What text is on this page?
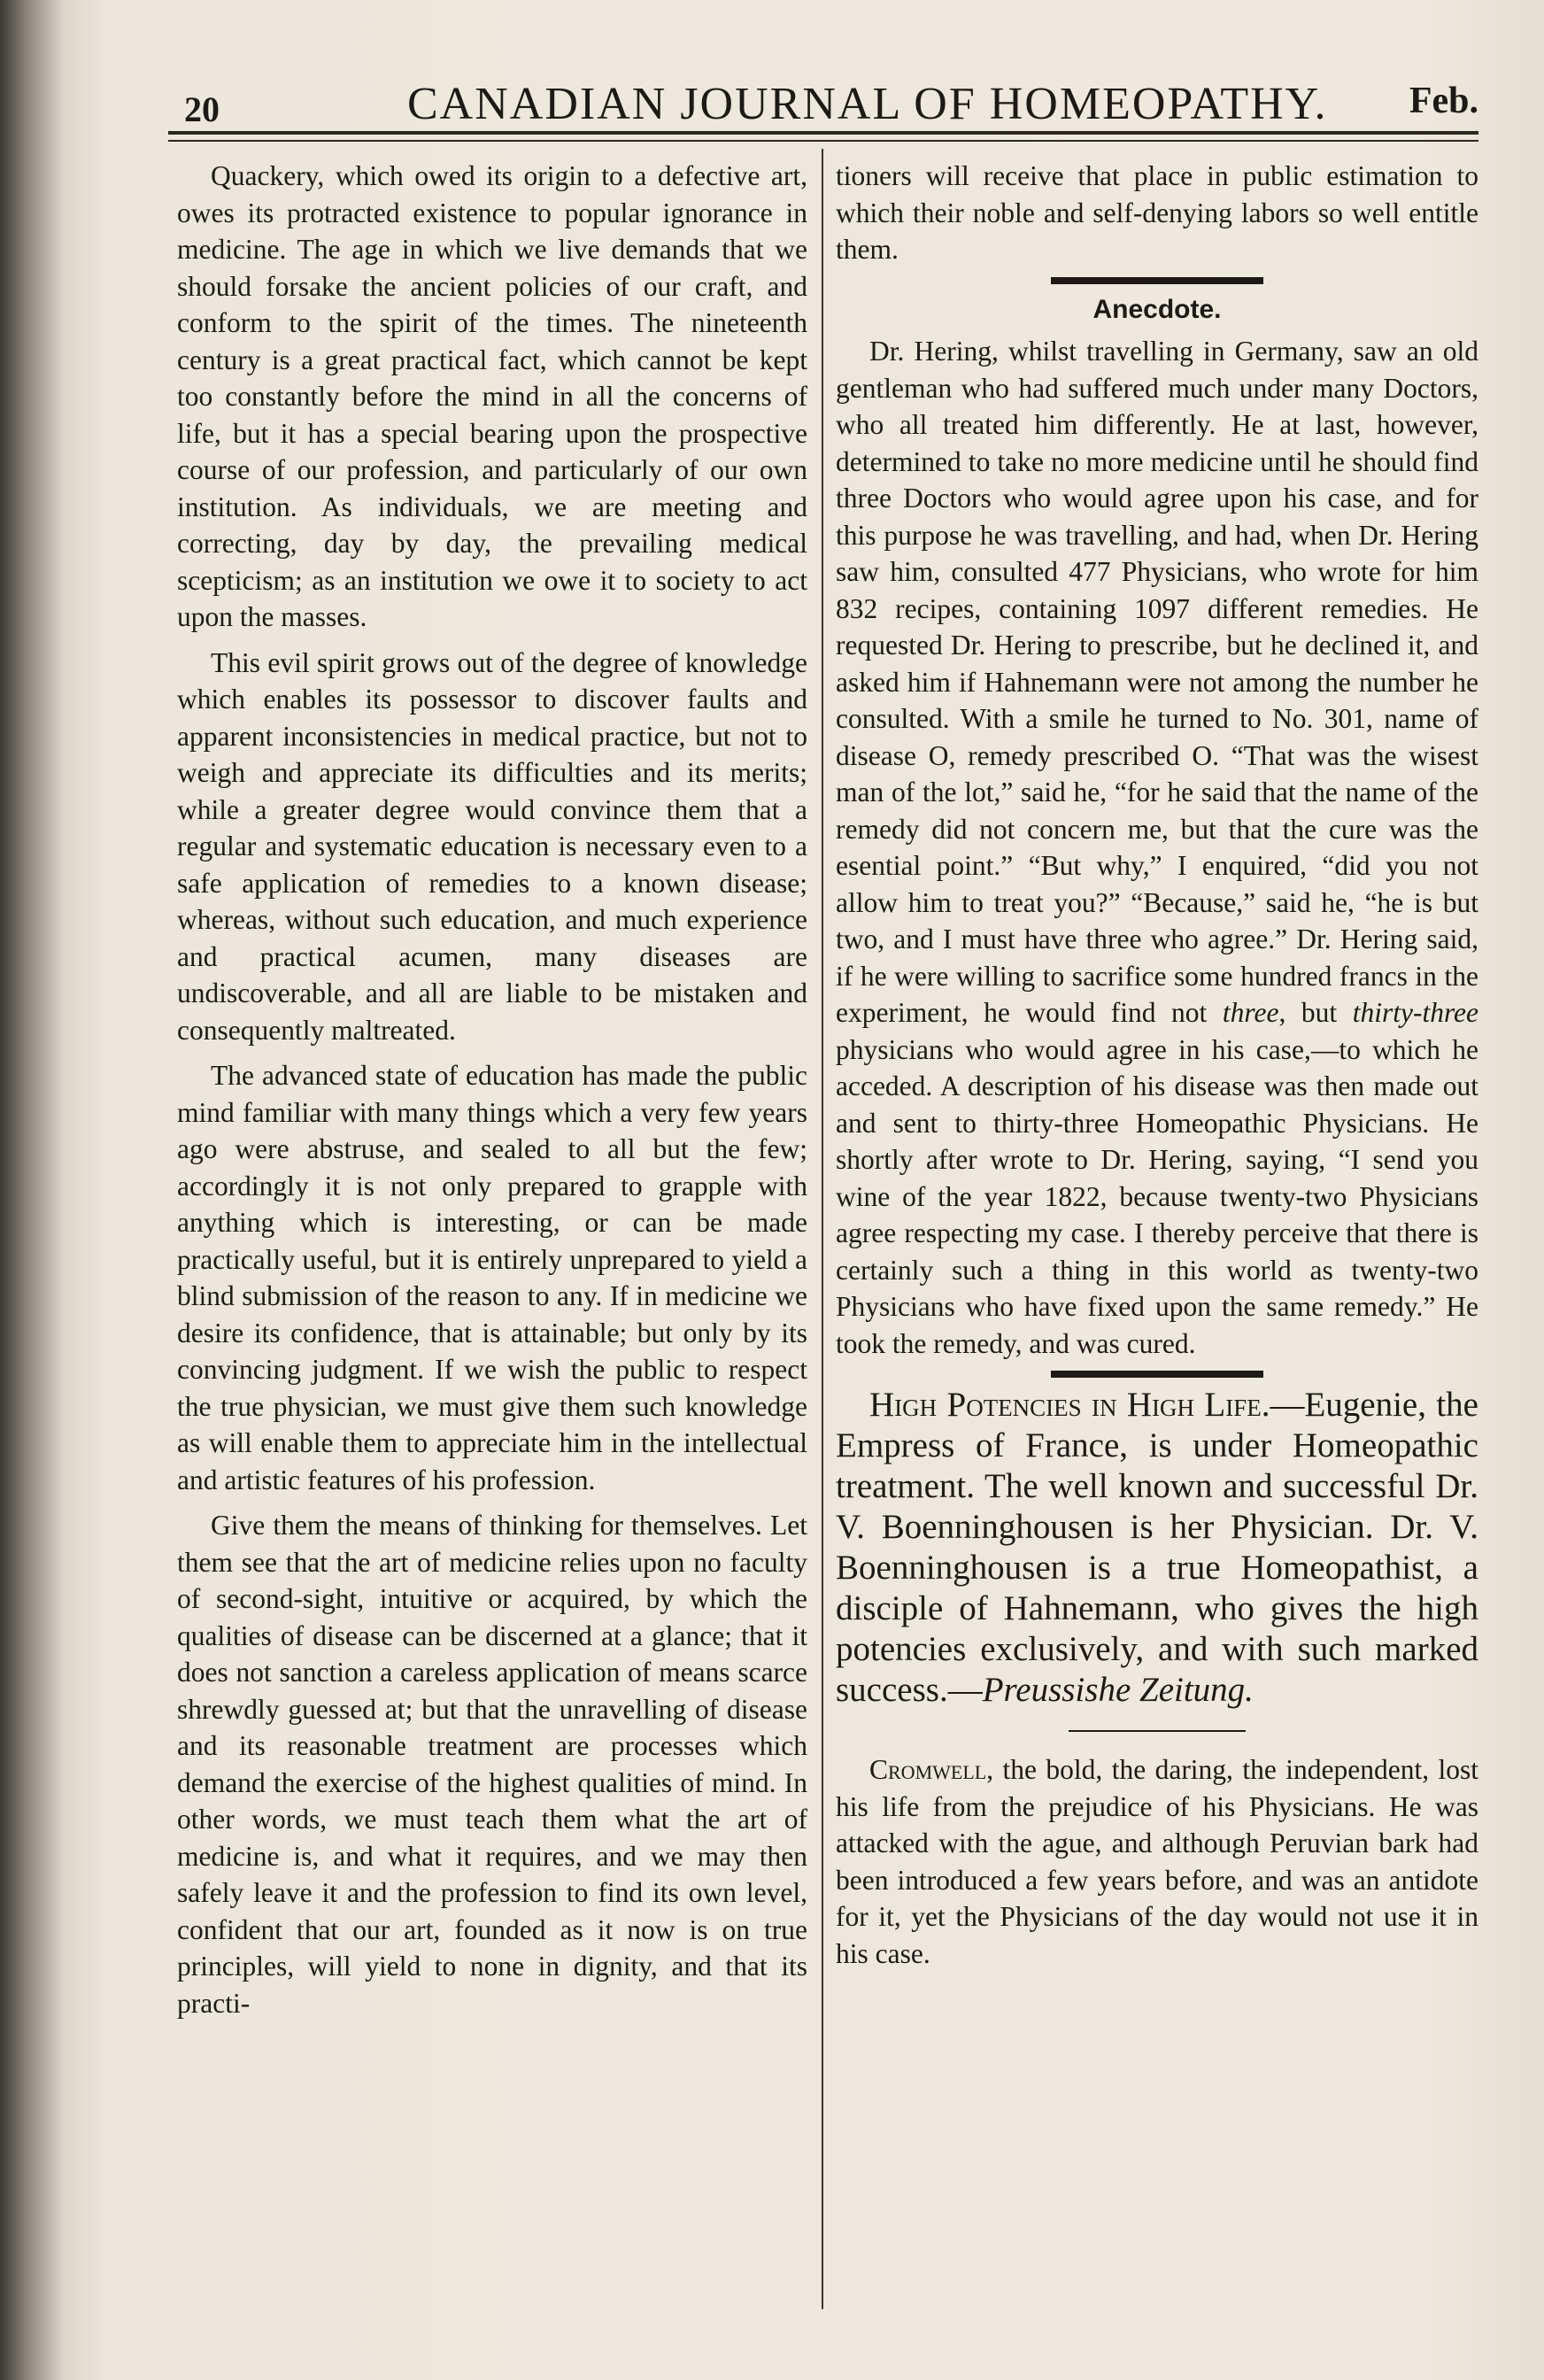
20	CANADIAN JOURNAL OF HOMEOPATHY. Feb.

Quackery, which owed its origin to a defective art, owes its protracted existence to popular ignorance in medicine. The age in which we live demands that we should forsake the ancient policies of our craft, and conform to the spirit of the times. The nineteenth century is a great practical fact, which cannot be kept too constantly before the mind in all the concerns of life, but it has a special bearing upon the prospective course of our profession, and particularly of our own institution. As individuals, we are meeting and correcting, day by day, the prevailing medical scepticism; as an institution we owe it to society to act upon the masses.

This evil spirit grows out of the degree of knowledge which enables its possessor to discover faults and apparent inconsistencies in medical practice, but not to weigh and appreciate its difficulties and its merits; while a greater degree would convince them that a regular and systematic education is necessary even to a safe application of remedies to a known disease; whereas, without such education, and much experience and practical acumen, many diseases are undiscoverable, and all are liable to be mistaken and consequently maltreated.

The advanced state of education has made the public mind familiar with many things which a very few years ago were abstruse, and sealed to all but the few; accordingly it is not only prepared to grapple with anything which is interesting, or can be made practically useful, but it is entirely unprepared to yield a blind submission of the reason to any. If in medicine we desire its confidence, that is attainable; but only by its convincing judgment. If we wish the public to respect the true physician, we must give them such knowledge as will enable them to appreciate him in the intellectual and artistic features of his profession.

Give them the means of thinking for themselves. Let them see that the art of medicine relies upon no faculty of second-sight, intuitive or acquired, by which the qualities of disease can be discerned at a glance; that it does not sanction a careless application of means scarce shrewdly guessed at; but that the unravelling of disease and its reasonable treatment are processes which demand the exercise of the highest qualities of mind. In other words, we must teach them what the art of medicine is, and what it requires, and we may then safely leave it and the profession to find its own level, confident that our art, founded as it now is on true principles, will yield to none in dignity, and that its practi-

tioners will receive that place in public estimation to which their noble and self-denying labors so well entitle them.

Anecdote.

Dr. Hering, whilst travelling in Germany, saw an old gentleman who had suffered much under many Doctors, who all treated him differently. He at last, however, determined to take no more medicine until he should find three Doctors who would agree upon his case, and for this purpose he was travelling, and had, when Dr. Hering saw him, consulted 477 Physicians, who wrote for him 832 recipes, containing 1097 different remedies. He requested Dr. Hering to prescribe, but he declined it, and asked him if Hahnemann were not among the number he consulted. With a smile he turned to No. 301, name of disease O, remedy prescribed O. “That was the wisest man of the lot,” said he, “for he said that the name of the remedy did not concern me, but that the cure was the esential point.” “But why,” I enquired, “did you not allow him to treat you?” “Because,” said he, “he is but two, and I must have three who agree.” Dr. Hering said, if he were willing to sacrifice some hundred francs in the experiment, he would find not three, but thirty-three physicians who would agree in his case,—to which he acceded. A description of his disease was then made out and sent to thirty-three Homeopathic Physicians. He shortly after wrote to Dr. Hering, saying, “I send you wine of the year 1822, because twenty-two Physicians agree respecting my case. I thereby perceive that there is certainly such a thing in this world as twenty-two Physicians who have fixed upon the same remedy.” He took the remedy, and was cured.

High Potencies in High Life.—Eugenie, the Empress of France, is under Homeopathic treatment. The well known and successful Dr. V. Boenninghousen is her Physician. Dr. V. Boenninghousen is a true Homeopathist, a disciple of Hahnemann, who gives the high potencies exclusively, and with such marked success.—Preussishe Zeitung.

Cromwell, the bold, the daring, the independent, lost his life from the prejudice of his Physicians. He was attacked with the ague, and although Peruvian bark had been introduced a few years before, and was an antidote for it, yet the Physicians of the day would not use it in his case.
